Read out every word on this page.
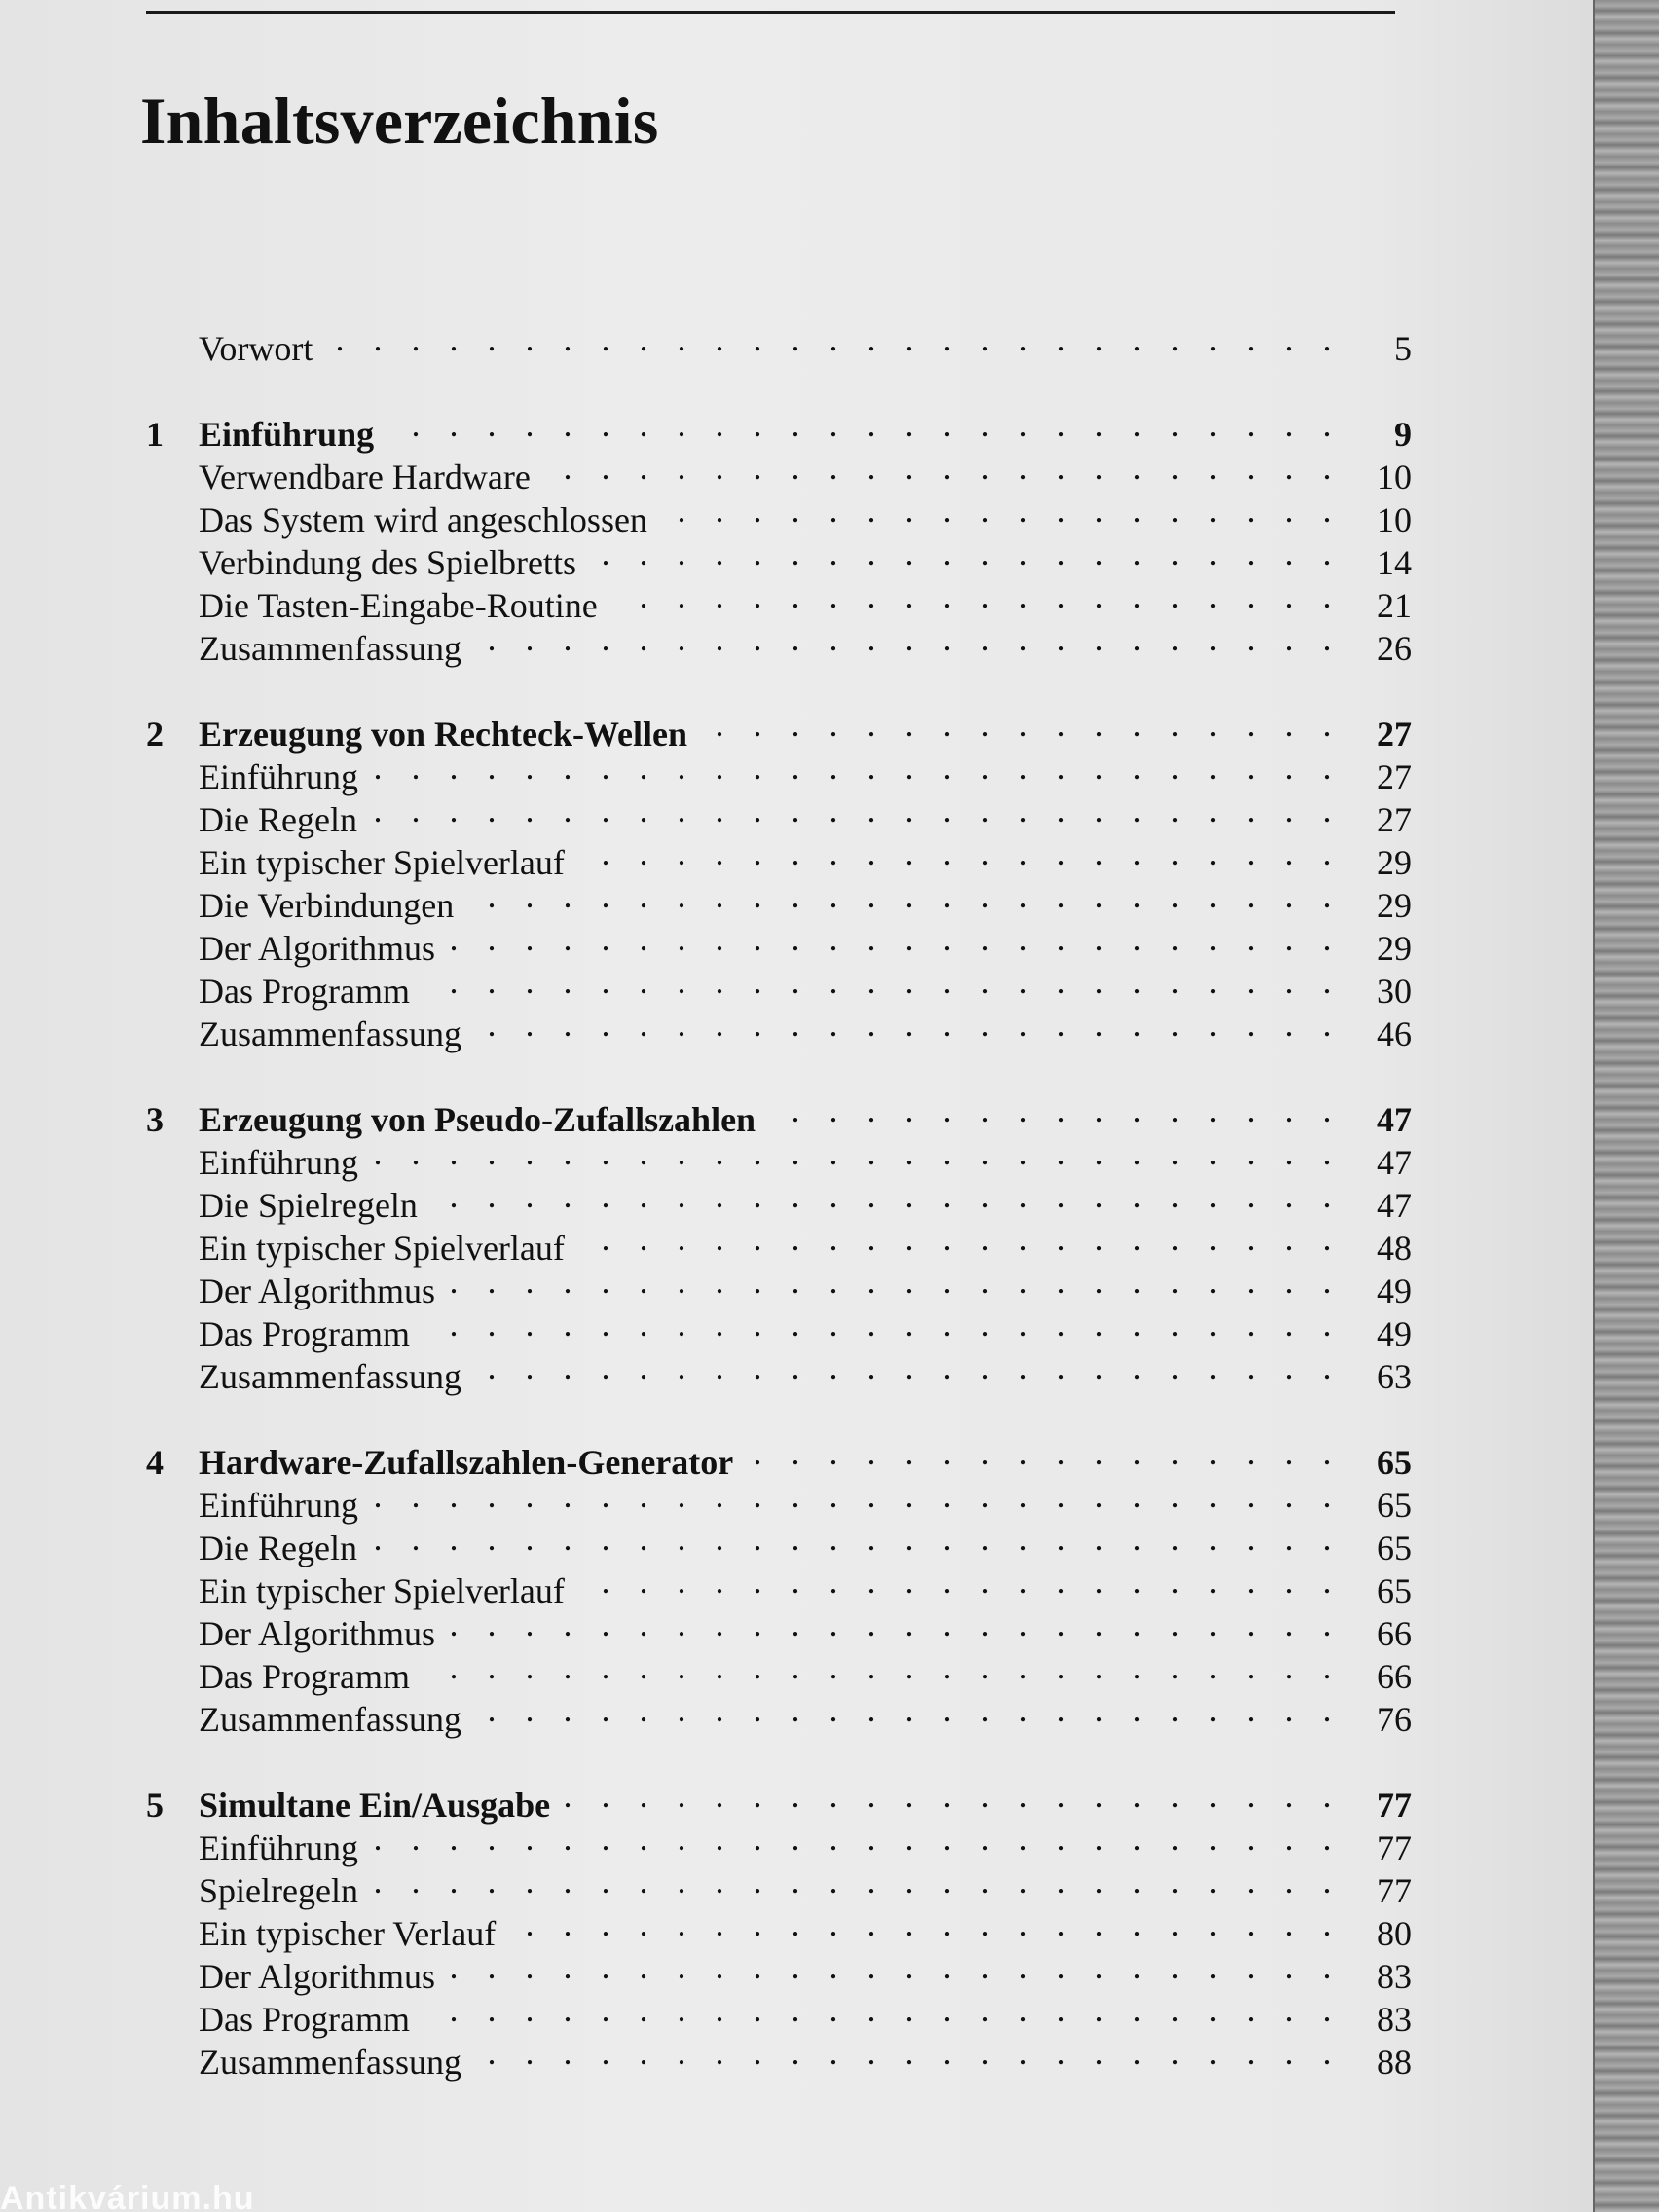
Inhaltsverzeichnis
Vorwort . . .	5
1	Einführung . . .	9
Verwendbare Hardware . . .	10
Das System wird angeschlossen . . .	10
Verbindung des Spielbretts . . .	14
Die Tasten-Eingabe-Routine . . .	21
Zusammenfassung . . .	26
2	Erzeugung von Rechteck-Wellen . . .	27
Einführung . . .	27
Die Regeln . . .	27
Ein typischer Spielverlauf . . .	29
Die Verbindungen . . .	29
Der Algorithmus . . .	29
Das Programm . . .	30
Zusammenfassung . . .	46
3	Erzeugung von Pseudo-Zufallszahlen . . .	47
Einführung . . .	47
Die Spielregeln . . .	47
Ein typischer Spielverlauf . . .	48
Der Algorithmus . . .	49
Das Programm . . .	49
Zusammenfassung . . .	63
4	Hardware-Zufallszahlen-Generator . . .	65
Einführung . . .	65
Die Regeln . . .	65
Ein typischer Spielverlauf . . .	65
Der Algorithmus . . .	66
Das Programm . . .	66
Zusammenfassung . . .	76
5	Simultane Ein/Ausgabe . . .	77
Einführung . . .	77
Spielregeln . . .	77
Ein typischer Verlauf . . .	80
Der Algorithmus . . .	83
Das Programm . . .	83
Zusammenfassung . . .	88
Antikvárium.hu
